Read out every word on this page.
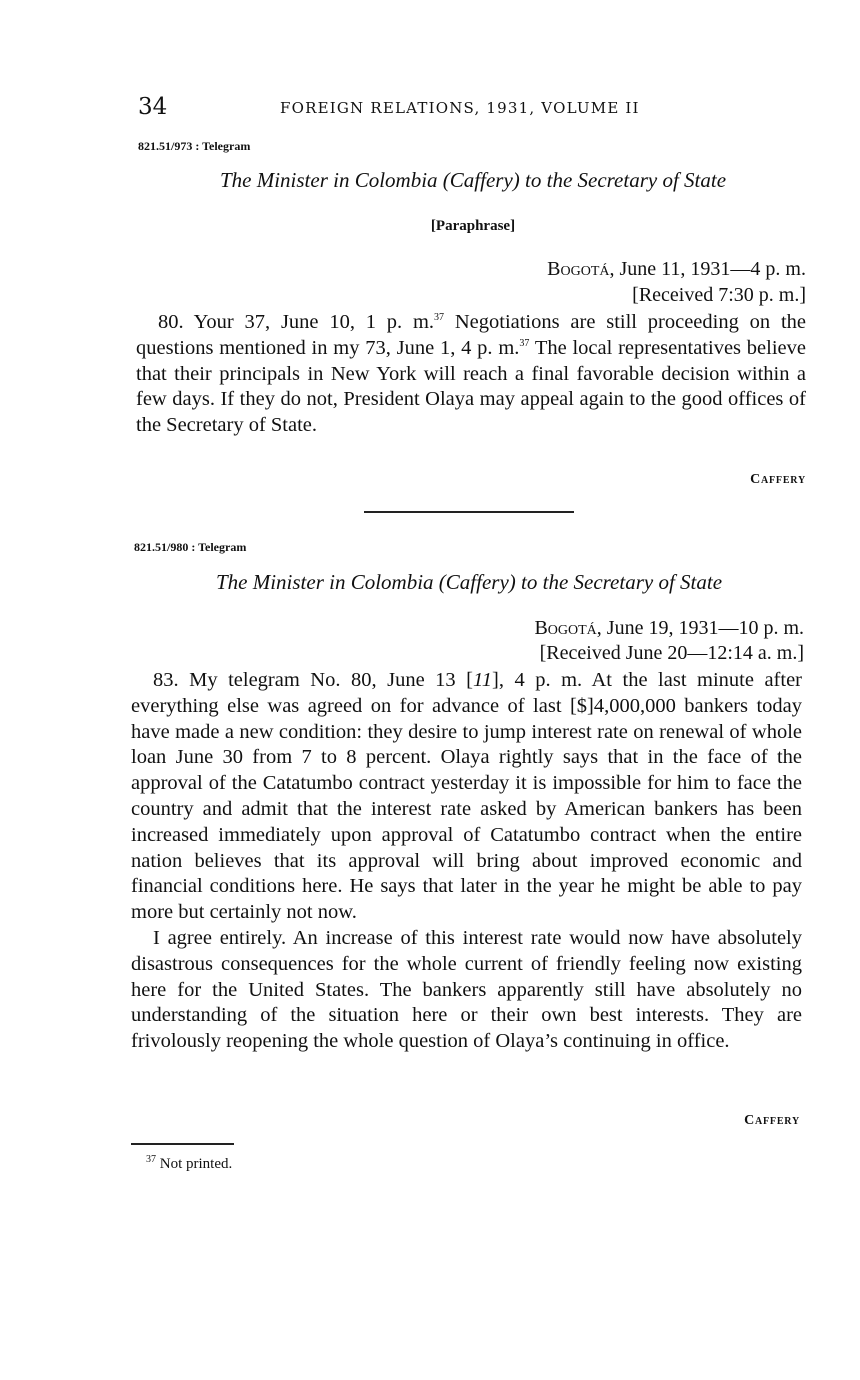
34	FOREIGN RELATIONS, 1931, VOLUME II
821.51/973 : Telegram
The Minister in Colombia (Caffery) to the Secretary of State
[Paraphrase]
Bogotá, June 11, 1931—4 p. m.
[Received 7:30 p. m.]

80. Your 37, June 10, 1 p. m.$^{37}$ Negotiations are still proceeding on the questions mentioned in my 73, June 1, 4 p. m.$^{37}$ The local representatives believe that their principals in New York will reach a final favorable decision within a few days. If they do not, President Olaya may appeal again to the good offices of the Secretary of State.

Caffery
821.51/980 : Telegram
The Minister in Colombia (Caffery) to the Secretary of State
Bogotá, June 19, 1931—10 p. m.
[Received June 20—12:14 a. m.]

83. My telegram No. 80, June 13 [11], 4 p. m. At the last minute after everything else was agreed on for advance of last [$]4,000,000 bankers today have made a new condition: they desire to jump interest rate on renewal of whole loan June 30 from 7 to 8 percent. Olaya rightly says that in the face of the approval of the Catatumbo contract yesterday it is impossible for him to face the country and admit that the interest rate asked by American bankers has been increased immediately upon approval of Catatumbo contract when the entire nation believes that its approval will bring about improved economic and financial conditions here. He says that later in the year he might be able to pay more but certainly not now.

I agree entirely. An increase of this interest rate would now have absolutely disastrous consequences for the whole current of friendly feeling now existing here for the United States. The bankers apparently still have absolutely no understanding of the situation here or their own best interests. They are frivolously reopening the whole question of Olaya’s continuing in office.

Caffery
$^{37}$ Not printed.
